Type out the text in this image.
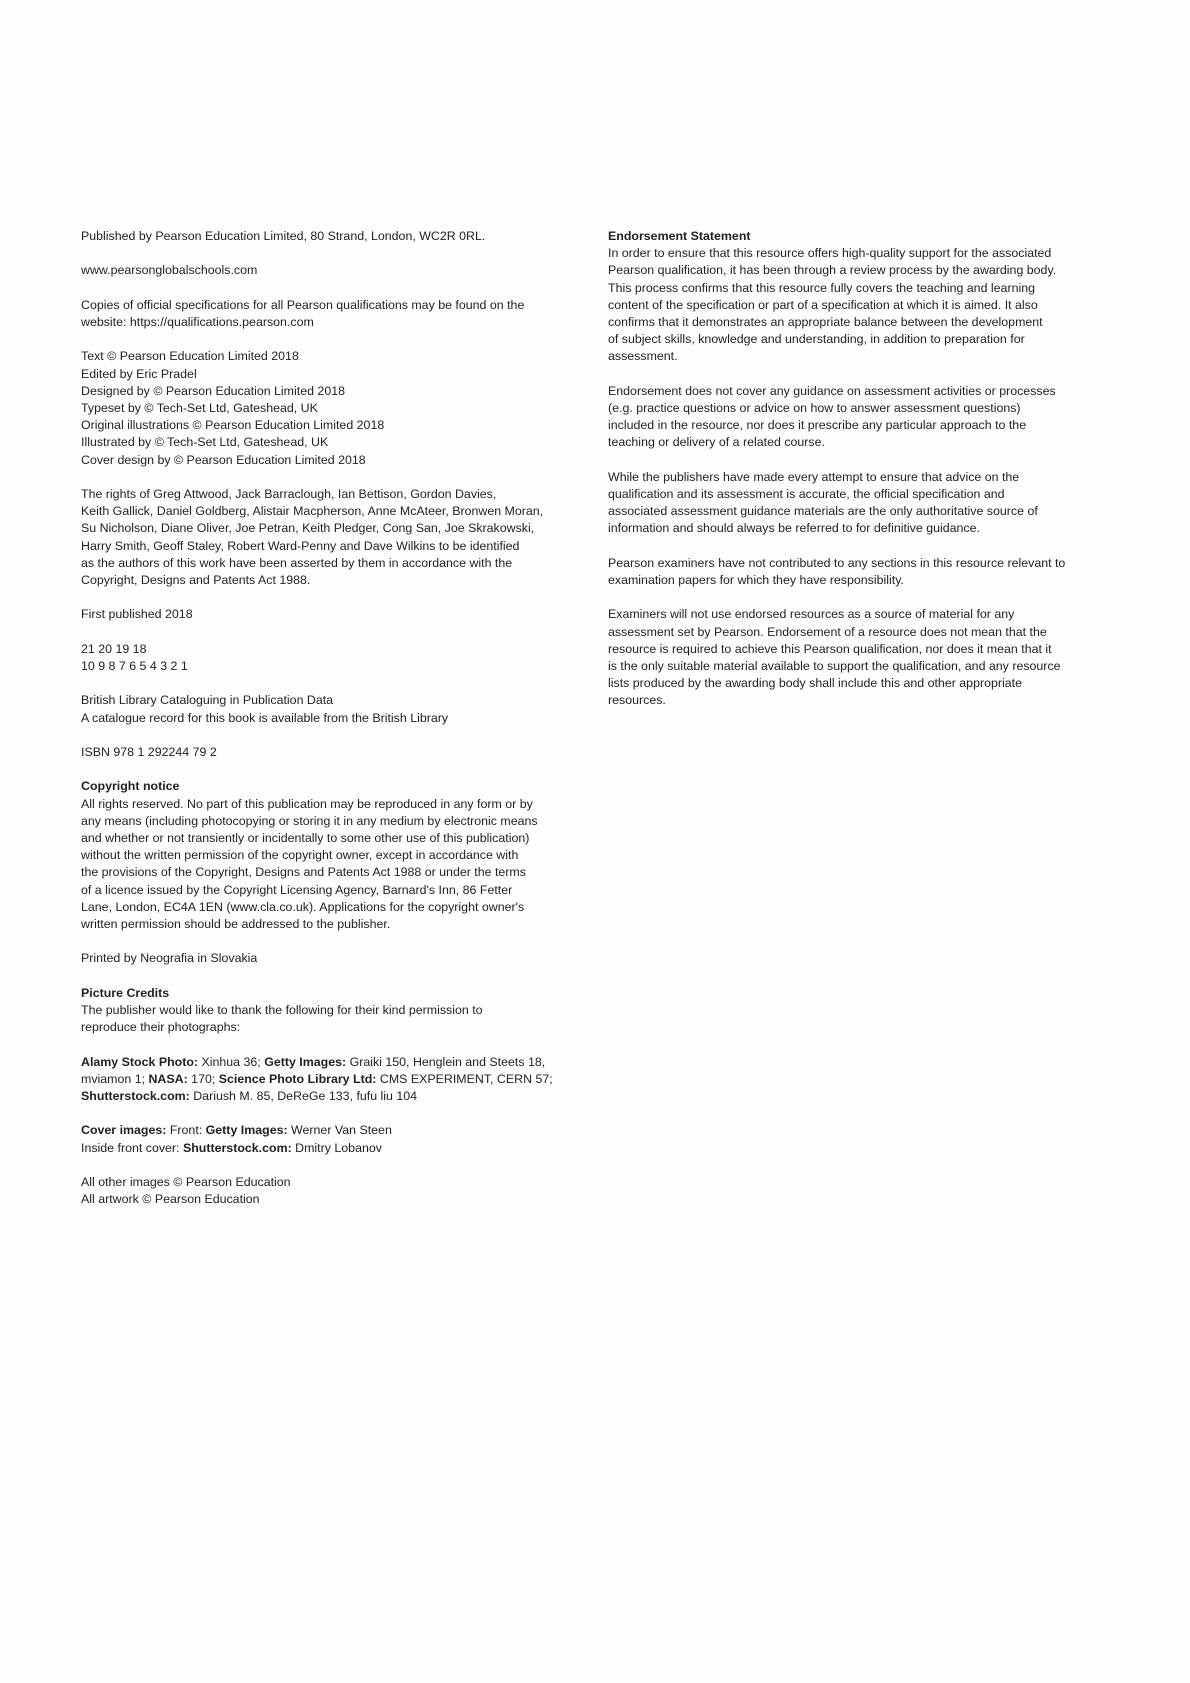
Published by Pearson Education Limited, 80 Strand, London, WC2R 0RL.
www.pearsonglobalschools.com
Copies of official specifications for all Pearson qualifications may be found on the
website: https://qualifications.pearson.com
Text © Pearson Education Limited 2018
Edited by Eric Pradel
Designed by © Pearson Education Limited 2018
Typeset by © Tech-Set Ltd, Gateshead, UK
Original illustrations © Pearson Education Limited 2018
Illustrated by © Tech-Set Ltd, Gateshead, UK
Cover design by © Pearson Education Limited 2018
The rights of Greg Attwood, Jack Barraclough, Ian Bettison, Gordon Davies,
Keith Gallick, Daniel Goldberg, Alistair Macpherson, Anne McAteer, Bronwen Moran,
Su Nicholson, Diane Oliver, Joe Petran, Keith Pledger, Cong San, Joe Skrakowski,
Harry Smith, Geoff Staley, Robert Ward-Penny and Dave Wilkins to be identified
as the authors of this work have been asserted by them in accordance with the
Copyright, Designs and Patents Act 1988.
First published 2018
21 20 19 18
10 9 8 7 6 5 4 3 2 1
British Library Cataloguing in Publication Data
A catalogue record for this book is available from the British Library
ISBN 978 1 292244 79 2
Copyright notice
All rights reserved. No part of this publication may be reproduced in any form or by
any means (including photocopying or storing it in any medium by electronic means
and whether or not transiently or incidentally to some other use of this publication)
without the written permission of the copyright owner, except in accordance with
the provisions of the Copyright, Designs and Patents Act 1988 or under the terms
of a licence issued by the Copyright Licensing Agency, Barnard's Inn, 86 Fetter
Lane, London, EC4A 1EN (www.cla.co.uk). Applications for the copyright owner's
written permission should be addressed to the publisher.
Printed by Neografia in Slovakia
Picture Credits
The publisher would like to thank the following for their kind permission to
reproduce their photographs:
Alamy Stock Photo: Xinhua 36; Getty Images: Graiki 150, Henglein and Steets 18,
mviamon 1; NASA: 170; Science Photo Library Ltd: CMS EXPERIMENT, CERN 57;
Shutterstock.com: Dariush M. 85, DeReGe 133, fufu liu 104
Cover images: Front: Getty Images: Werner Van Steen
Inside front cover: Shutterstock.com: Dmitry Lobanov
All other images © Pearson Education
All artwork © Pearson Education
Endorsement Statement
In order to ensure that this resource offers high-quality support for the associated
Pearson qualification, it has been through a review process by the awarding body.
This process confirms that this resource fully covers the teaching and learning
content of the specification or part of a specification at which it is aimed. It also
confirms that it demonstrates an appropriate balance between the development
of subject skills, knowledge and understanding, in addition to preparation for
assessment.
Endorsement does not cover any guidance on assessment activities or processes
(e.g. practice questions or advice on how to answer assessment questions)
included in the resource, nor does it prescribe any particular approach to the
teaching or delivery of a related course.
While the publishers have made every attempt to ensure that advice on the
qualification and its assessment is accurate, the official specification and
associated assessment guidance materials are the only authoritative source of
information and should always be referred to for definitive guidance.
Pearson examiners have not contributed to any sections in this resource relevant to
examination papers for which they have responsibility.
Examiners will not use endorsed resources as a source of material for any
assessment set by Pearson. Endorsement of a resource does not mean that the
resource is required to achieve this Pearson qualification, nor does it mean that it
is the only suitable material available to support the qualification, and any resource
lists produced by the awarding body shall include this and other appropriate
resources.
